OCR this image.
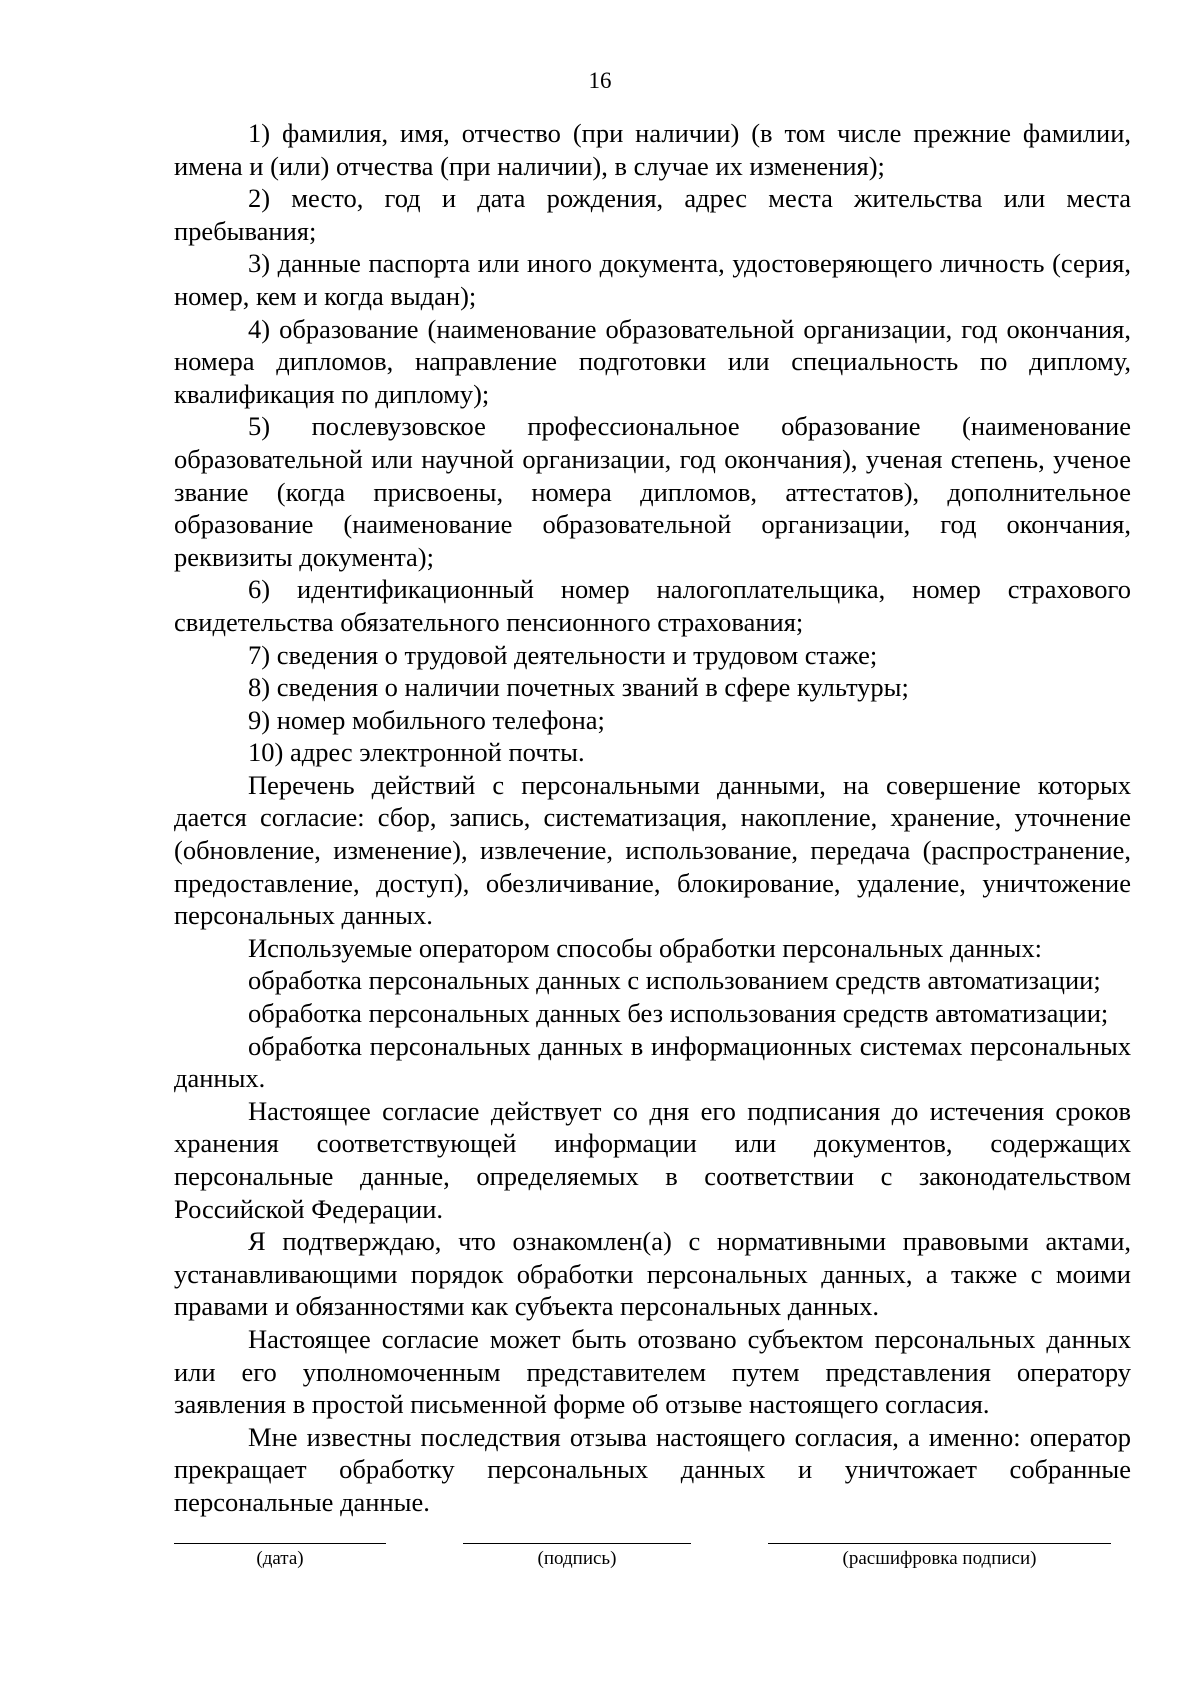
16

1) фамилия, имя, отчество (при наличии) (в том числе прежние фамилии, имена и (или) отчества (при наличии), в случае их изменения);

2) место, год и дата рождения, адрес места жительства или места пребывания;

3) данные паспорта или иного документа, удостоверяющего личность (серия, номер, кем и когда выдан);

4) образование (наименование образовательной организации, год окончания, номера дипломов, направление подготовки или специальность по диплому, квалификация по диплому);

5) послевузовское профессиональное образование (наименование образовательной или научной организации, год окончания), ученая степень, ученое звание (когда присвоены, номера дипломов, аттестатов), дополнительное образование (наименование образовательной организации, год окончания, реквизиты документа);

6) идентификационный номер налогоплательщика, номер страхового свидетельства обязательного пенсионного страхования;

7) сведения о трудовой деятельности и трудовом стаже;

8) сведения о наличии почетных званий в сфере культуры;

9) номер мобильного телефона;

10) адрес электронной почты.

Перечень действий с персональными данными, на совершение которых дается согласие: сбор, запись, систематизация, накопление, хранение, уточнение (обновление, изменение), извлечение, использование, передача (распространение, предоставление, доступ), обезличивание, блокирование, удаление, уничтожение персональных данных.

Используемые оператором способы обработки персональных данных:

обработка персональных данных с использованием средств автоматизации;

обработка персональных данных без использования средств автоматизации;

обработка персональных данных в информационных системах персональных данных.

Настоящее согласие действует со дня его подписания до истечения сроков хранения соответствующей информации или документов, содержащих персональные данные, определяемых в соответствии с законодательством Российской Федерации.

Я подтверждаю, что ознакомлен(а) с нормативными правовыми актами, устанавливающими порядок обработки персональных данных, а также с моими правами и обязанностями как субъекта персональных данных.

Настоящее согласие может быть отозвано субъектом персональных данных или его уполномоченным представителем путем представления оператору заявления в простой письменной форме об отзыве настоящего согласия.

Мне известны последствия отзыва настоящего согласия, а именно: оператор прекращает обработку персональных данных и уничтожает собранные персональные данные.

(дата)	(подпись)	(расшифровка подписи)
